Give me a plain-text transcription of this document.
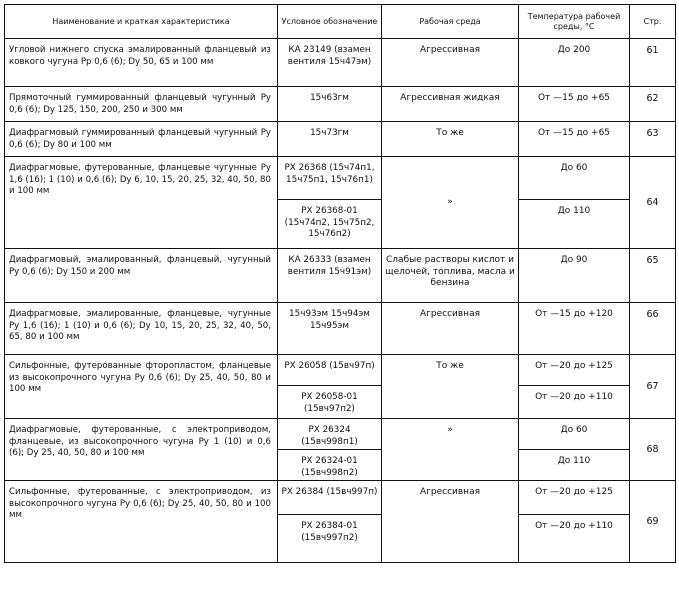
Наименование и краткая характеристика	Условное обозначение	Рабочая среда	Температура рабочей среды, °С	Стр.

Угловой нижнего спуска эмалированный фланцевый из ковкого чугуна Pр 0,6 (6); Dу 50, 65 и 100 мм	КА 23149 (взамен вентиля 15ч47эм)	Агрессивная	До 200	61

Прямоточный гуммированный фланцевый чугунный Pу 0,6 (6); Dу 125, 150, 200, 250 и 300 мм	15ч63гм	Агрессивная жидкая	От —15 до +65	62

Диафрагмовый гуммированный фланцевый чугунный Pу 0,6 (6); Dу 80 и 100 мм	15ч73гм	То же	От —15 до +65	63

Диафрагмовые, футерованные, фланцевые чугунные Pу 1,6 (16); 1 (10) и 0,6 (6); Dу 6, 10, 15, 20, 25, 32, 40, 50, 80 и 100 мм	РХ 26368 (15ч74п1, 15ч75п1, 15ч76п1)	»	До 60	64

	РХ 26368-01 (15ч74п2, 15ч75п2, 15ч76п2)		До 110	

Диафрагмовый, эмалированный, фланцевый, чугунный Pу 0,6 (6); Dу 150 и 200 мм	КА 26333 (взамен вентиля 15ч91эм)	Слабые растворы кислот и щелочей, топлива, масла и бензина	До 90	65

Диафрагмовые, эмалированные, фланцевые, чугунные Pу 1,6 (16); 1 (10) и 0,6 (6); Dу 10, 15, 20, 25, 32, 40, 50, 65, 80 и 100 мм	15ч93эм 15ч94эм 15ч95эм	Агрессивная	От —15 до +120	66

Сильфонные, футерованные фторопластом, фланцевые из высокопрочного чугуна Pу 0,6 (6); Dу 25, 40, 50, 80 и 100 мм	РХ 26058 (15вч97п)	То же	От —20 до +125	67

	РХ 26058-01 (15вч97п2)		От —20 до +110	

Диафрагмовые, футерованные, с электроприводом, фланцевые, из высокопрочного чугуна Pу 1 (10) и 0,6 (6); Dу 25, 40, 50, 80 и 100 мм	РХ 26324 (15вч998п1)	»	До 60	68

	РХ 26324-01 (15вч998п2)		До 110	

Сильфонные, футерованные, с электроприводом, из высокопрочного чугуна Pу 0,6 (6); Dу 25, 40, 50, 80 и 100 мм	РХ 26384 (15вч997п)	Агрессивная	От —20 до +125	69

	РХ 26384-01 (15вч997п2)		От —20 до +110	
